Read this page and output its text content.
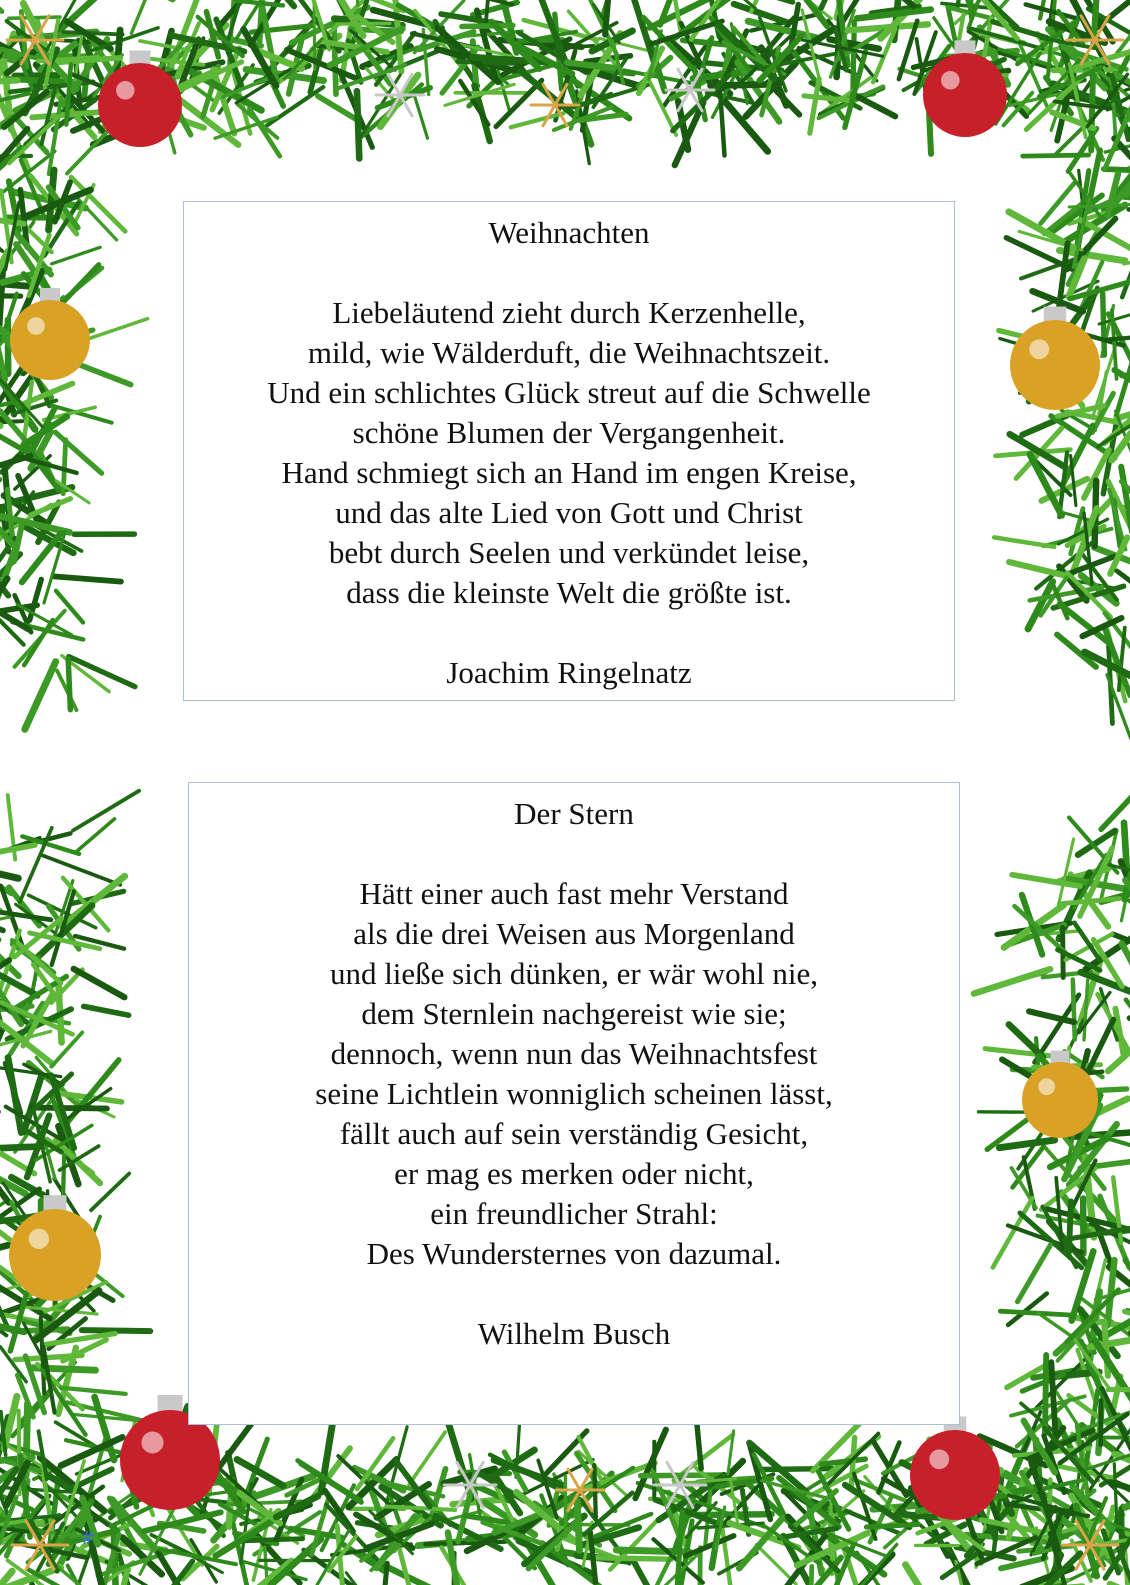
Weihnachten
Liebeläutend zieht durch Kerzenhelle,
mild, wie Wälderduft, die Weihnachtszeit.
Und ein schlichtes Glück streut auf die Schwelle
schöne Blumen der Vergangenheit.
Hand schmiegt sich an Hand im engen Kreise,
und das alte Lied von Gott und Christ
bebt durch Seelen und verkündet leise,
dass die kleinste Welt die größte ist.
Joachim Ringelnatz
Der Stern
Hätt einer auch fast mehr Verstand
als die drei Weisen aus Morgenland
und ließe sich dünken, er wär wohl nie,
dem Sternlein nachgereist wie sie;
dennoch, wenn nun das Weihnachtsfest
seine Lichtlein wonniglich scheinen lässt,
fällt auch auf sein verständig Gesicht,
er mag es merken oder nicht,
ein freundlicher Strahl:
Des Wundersternes von dazumal.
Wilhelm Busch
#
